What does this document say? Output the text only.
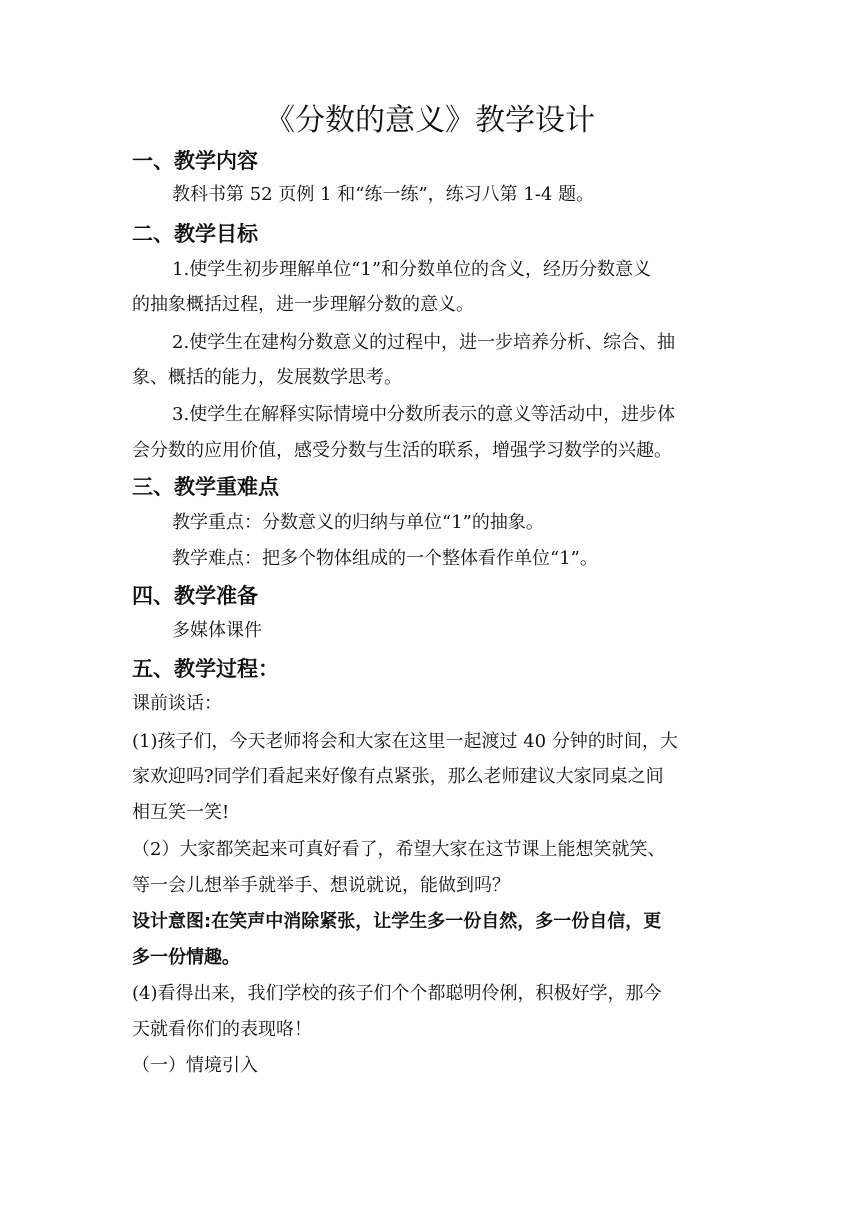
《分数的意义》教学设计
一、教学内容
教科书第 52 页例 1 和“练一练”，练习八第 1-4 题。
二、教学目标
1.使学生初步理解单位“1”和分数单位的含义，经历分数意义
的抽象概括过程，进一步理解分数的意义。
2.使学生在建构分数意义的过程中，进一步培养分析、综合、抽
象、概括的能力，发展数学思考。
3.使学生在解释实际情境中分数所表示的意义等活动中，进步体
会分数的应用价值，感受分数与生活的联系，增强学习数学的兴趣。
三、教学重难点
教学重点：分数意义的归纳与单位“1”的抽象。
教学难点：把多个物体组成的一个整体看作单位“1”。
四、教学准备
多媒体课件
五、教学过程：
课前谈话：
(1)孩子们，今天老师将会和大家在这里一起渡过 40 分钟的时间，大
家欢迎吗?同学们看起来好像有点紧张，那么老师建议大家同桌之间
相互笑一笑!
（2）大家都笑起来可真好看了，希望大家在这节课上能想笑就笑、
等一会儿想举手就举手、想说就说，能做到吗？
设计意图:在笑声中消除紧张，让学生多一份自然，多一份自信，更
多一份情趣。
(4)看得出来，我们学校的孩子们个个都聪明伶俐，积极好学，那今
天就看你们的表现咯！
（一）情境引入
